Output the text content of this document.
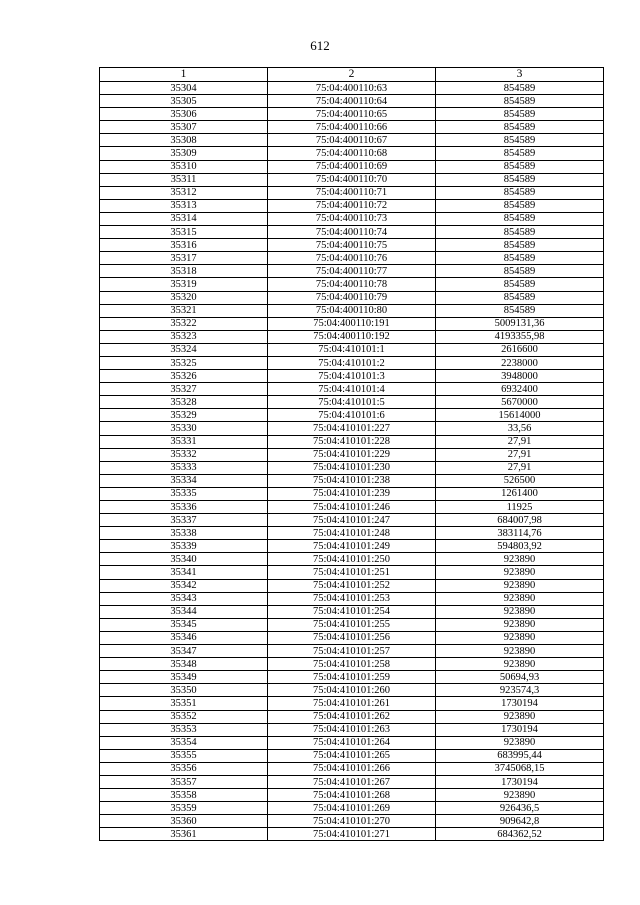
612
1	2	3
35304	75:04:400110:63	854589
35305	75:04:400110:64	854589
35306	75:04:400110:65	854589
35307	75:04:400110:66	854589
35308	75:04:400110:67	854589
35309	75:04:400110:68	854589
35310	75:04:400110:69	854589
35311	75:04:400110:70	854589
35312	75:04:400110:71	854589
35313	75:04:400110:72	854589
35314	75:04:400110:73	854589
35315	75:04:400110:74	854589
35316	75:04:400110:75	854589
35317	75:04:400110:76	854589
35318	75:04:400110:77	854589
35319	75:04:400110:78	854589
35320	75:04:400110:79	854589
35321	75:04:400110:80	854589
35322	75:04:400110:191	5009131,36
35323	75:04:400110:192	4193355,98
35324	75:04:410101:1	2616600
35325	75:04:410101:2	2238000
35326	75:04:410101:3	3948000
35327	75:04:410101:4	6932400
35328	75:04:410101:5	5670000
35329	75:04:410101:6	15614000
35330	75:04:410101:227	33,56
35331	75:04:410101:228	27,91
35332	75:04:410101:229	27,91
35333	75:04:410101:230	27,91
35334	75:04:410101:238	526500
35335	75:04:410101:239	1261400
35336	75:04:410101:246	11925
35337	75:04:410101:247	684007,98
35338	75:04:410101:248	383114,76
35339	75:04:410101:249	594803,92
35340	75:04:410101:250	923890
35341	75:04:410101:251	923890
35342	75:04:410101:252	923890
35343	75:04:410101:253	923890
35344	75:04:410101:254	923890
35345	75:04:410101:255	923890
35346	75:04:410101:256	923890
35347	75:04:410101:257	923890
35348	75:04:410101:258	923890
35349	75:04:410101:259	50694,93
35350	75:04:410101:260	923574,3
35351	75:04:410101:261	1730194
35352	75:04:410101:262	923890
35353	75:04:410101:263	1730194
35354	75:04:410101:264	923890
35355	75:04:410101:265	683995,44
35356	75:04:410101:266	3745068,15
35357	75:04:410101:267	1730194
35358	75:04:410101:268	923890
35359	75:04:410101:269	926436,5
35360	75:04:410101:270	909642,8
35361	75:04:410101:271	684362,52
